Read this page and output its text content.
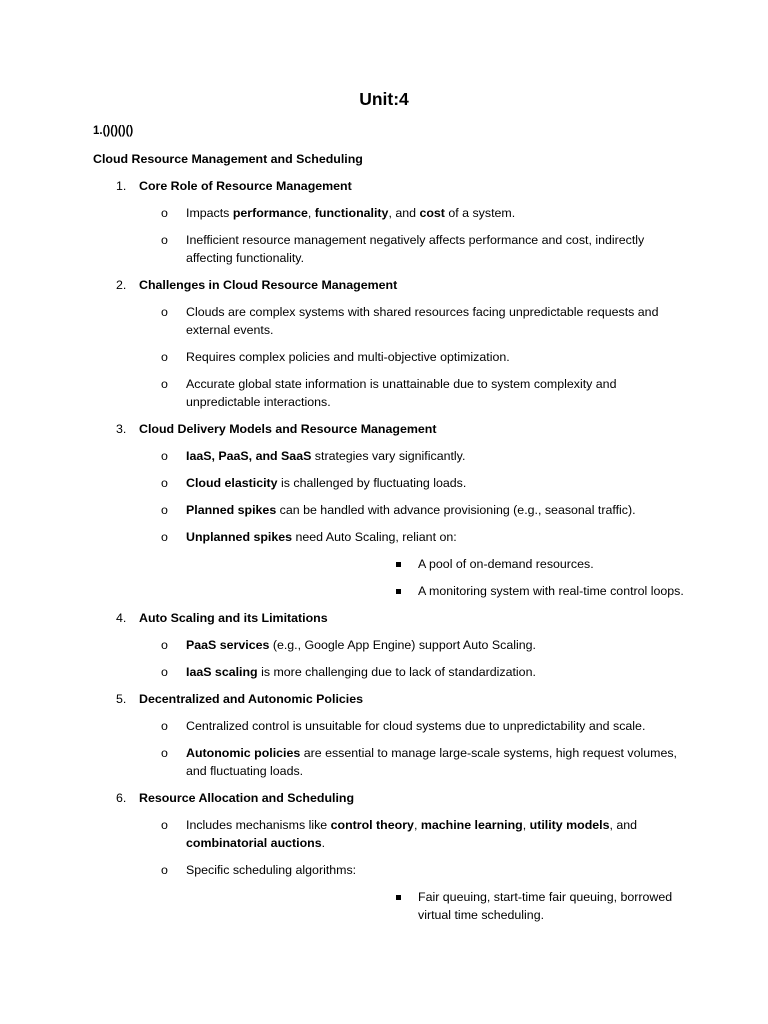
Unit:4
1.()()()()
Cloud Resource Management and Scheduling
1. Core Role of Resource Management
o Impacts performance, functionality, and cost of a system.
o Inefficient resource management negatively affects performance and cost, indirectly affecting functionality.
2. Challenges in Cloud Resource Management
o Clouds are complex systems with shared resources facing unpredictable requests and external events.
o Requires complex policies and multi-objective optimization.
o Accurate global state information is unattainable due to system complexity and unpredictable interactions.
3. Cloud Delivery Models and Resource Management
o IaaS, PaaS, and SaaS strategies vary significantly.
o Cloud elasticity is challenged by fluctuating loads.
o Planned spikes can be handled with advance provisioning (e.g., seasonal traffic).
o Unplanned spikes need Auto Scaling, reliant on:
A pool of on-demand resources.
A monitoring system with real-time control loops.
4. Auto Scaling and its Limitations
o PaaS services (e.g., Google App Engine) support Auto Scaling.
o IaaS scaling is more challenging due to lack of standardization.
5. Decentralized and Autonomic Policies
o Centralized control is unsuitable for cloud systems due to unpredictability and scale.
o Autonomic policies are essential to manage large-scale systems, high request volumes, and fluctuating loads.
6. Resource Allocation and Scheduling
o Includes mechanisms like control theory, machine learning, utility models, and combinatorial auctions.
o Specific scheduling algorithms:
Fair queuing, start-time fair queuing, borrowed virtual time scheduling.
